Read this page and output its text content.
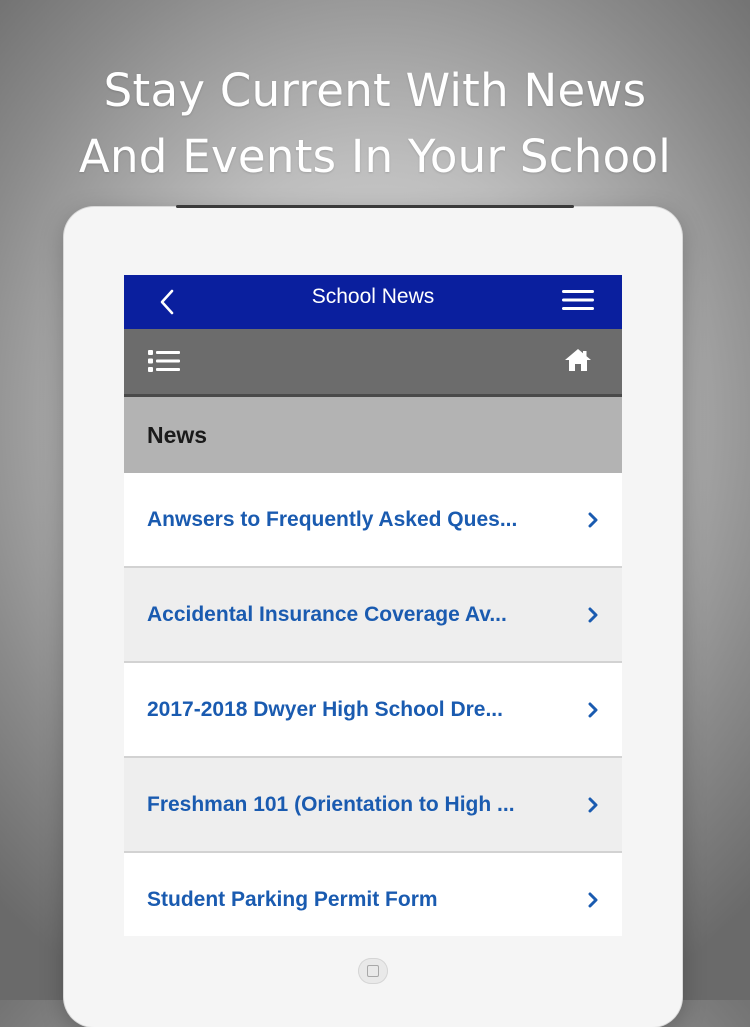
Stay Current With News
And Events In Your School
School News
News
Anwsers to Frequently Asked Ques...
Accidental Insurance Coverage Av...
2017-2018 Dwyer High School Dre...
Freshman 101 (Orientation to High ...
Student Parking Permit Form
